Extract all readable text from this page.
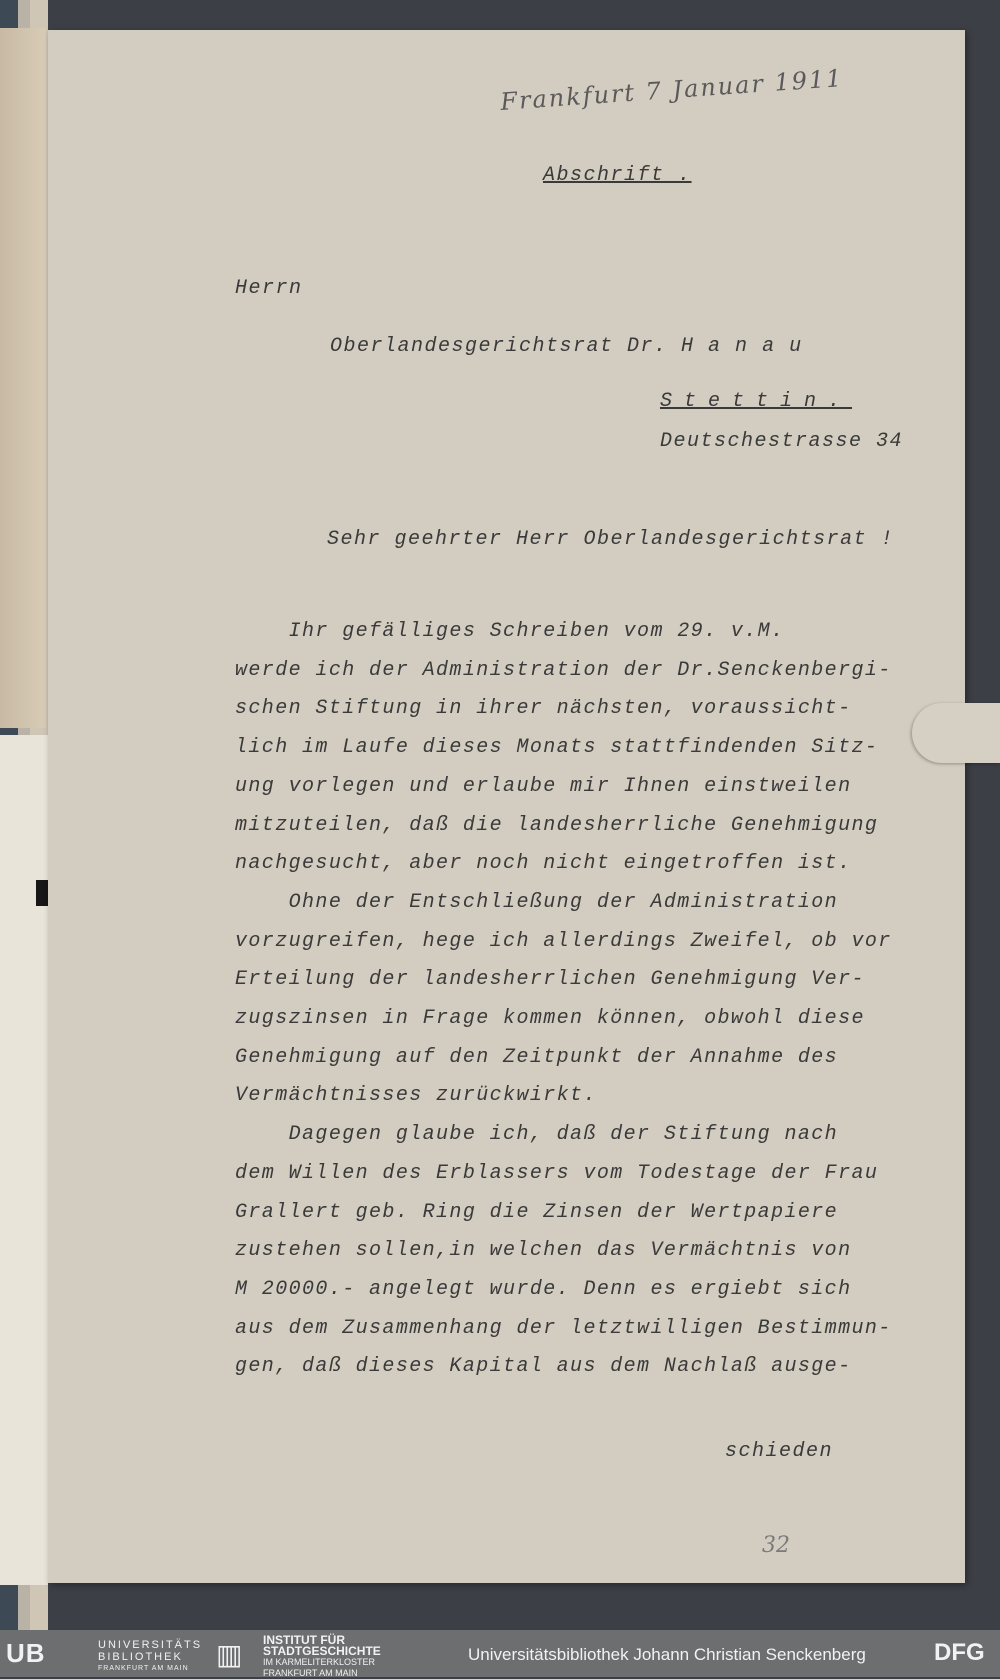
Frankfurt 7 Januar 1911
Abschrift .
Herrn
Oberlandesgerichtsrat Dr. H a n a u
Stettin.
Deutschestrasse 34
Sehr geehrter Herr Oberlandesgerichtsrat !
Ihr gefälliges Schreiben vom 29. v.M.
werde ich der Administration der Dr.Senckenbergi-
schen Stiftung in ihrer nächsten, voraussicht-
lich im Laufe dieses Monats stattfindenden Sitz-
ung vorlegen und erlaube mir Ihnen einstweilen
mitzuteilen, daß die landesherrliche Genehmigung
nachgesucht, aber noch nicht eingetroffen ist.
Ohne der Entschließung der Administration
vorzugreifen, hege ich allerdings Zweifel, ob vor
Erteilung der landesherrlichen Genehmigung Ver-
zugszinsen in Frage kommen können, obwohl diese
Genehmigung auf den Zeitpunkt der Annahme des
Vermächtnisses zurückwirkt.
Dagegen glaube ich, daß der Stiftung nach
dem Willen des Erblassers vom Todestage der Frau
Grallert geb. Ring die Zinsen der Wertpapiere
zustehen sollen,in welchen das Vermächtnis von
M 20000.- angelegt wurde. Denn es ergiebt sich
aus dem Zusammenhang der letztwilligen Bestimmun-
gen, daß dieses Kapital aus dem Nachlaß ausge-
schieden
32
UB	UNIVERSITÄTS
BIBLIOTHEK
FRANKFURT AM MAIN ▥ INSTITUT FÜR
STADTGESCHICHTE
IM KARMELITERKLOSTER
FRANKFURT AM MAIN
Universitätsbibliothek Johann Christian Senckenberg	DFG
